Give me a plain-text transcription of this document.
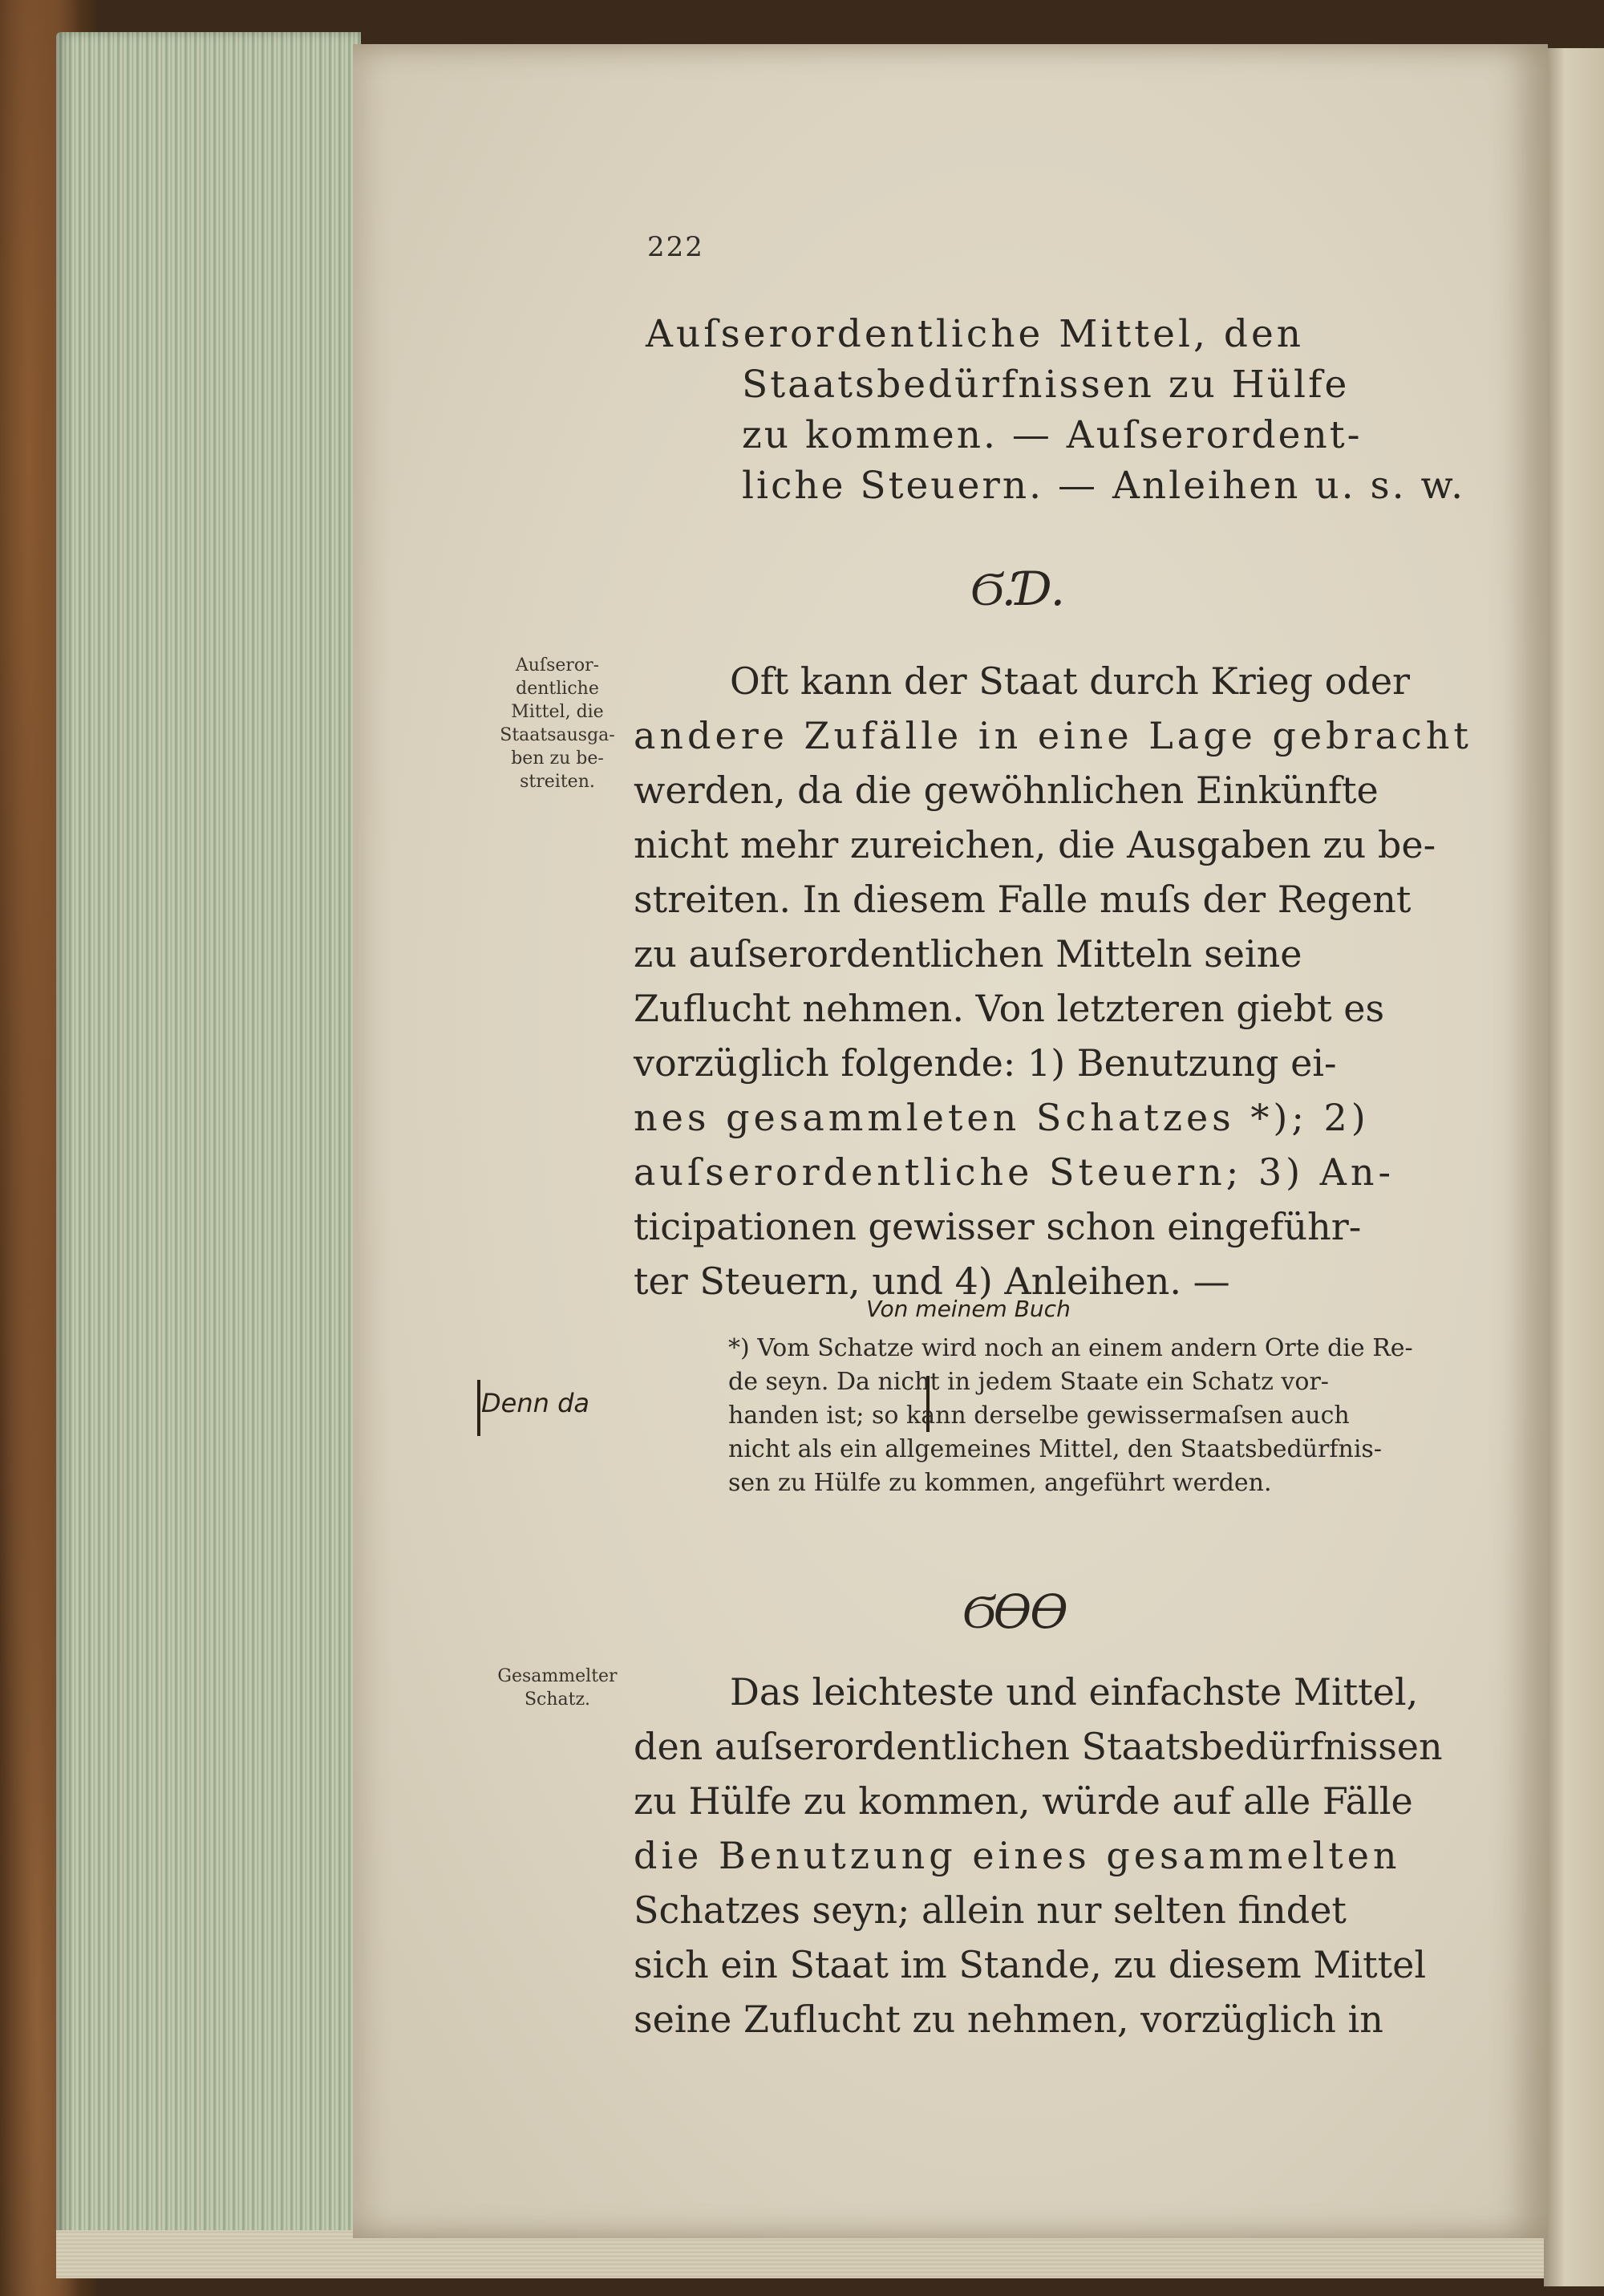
222
Auſserordentliche Mittel, den
Staatsbedürfnissen zu Hülfe
zu kommen. — Auſserordent-
liche Steuern. — Anleihen u. s. w.
Ϭ.Ɗ.
Auſseror-
dentliche
Mittel, die
Staatsausga-
ben zu be-
streiten.

Oft kann der Staat durch Krieg oder

andere Zufälle in eine Lage gebracht

werden, da die gewöhnlichen Einkünfte

nicht mehr zureichen, die Ausgaben zu be-

streiten. In diesem Falle muſs der Regent

zu auſserordentlichen Mitteln seine

Zuflucht nehmen. Von letzteren giebt es

vorzüglich folgende: 1) Benutzung ei-

nes gesammleten Schatzes *); 2)

auſserordentliche Steuern; 3) An-

ticipationen gewisser schon eingeführ-

ter Steuern, und 4) Anleihen. —

Von meinem Buch
Denn da

*) Vom Schatze wird noch an einem andern Orte die Re-

de seyn. Da nicht in jedem Staate ein Schatz vor-

handen ist; so kann derselbe gewissermaſsen auch

nicht als ein allgemeines Mittel, den Staatsbedürfnis-

sen zu Hülfe zu kommen, angeführt werden.

Ϭϴϴ
Gesammelter
Schatz.	Das leichteste und einfachste Mittel,

den auſserordentlichen Staatsbedürfnissen

zu Hülfe zu kommen, würde auf alle Fälle

die Benutzung eines gesammelten

Schatzes seyn; allein nur selten findet

sich ein Staat im Stande, zu diesem Mittel

seine Zuflucht zu nehmen, vorzüglich in
